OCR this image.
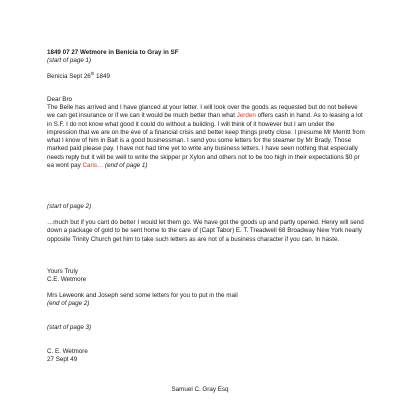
1849 07 27 Wetmore in Benicia to Gray in SF

(start of page 1)

Benicia Sept 26th 1849

Dear Bro

The Belle has arrived and I have glanced at your letter. I will look over the goods as requested but do not believe we can get insurance or if we can it would be much better than what Jerden offers cash in hand. As to leasing a lot in S.F. I do not know what good it could do without a building. I will think of it however but I am under the impression that we are on the eve of a financial crisis and better keep things pretty close. I presume Mr Merritt from what I know of him in Balt is a good businessman. I send you some letters for the steamer by Mr Brady. Those marked paid please pay. I have not had time yet to write any business letters. I have seen nothing that especially needs reply but it will be well to write the skipper pr Xylon and others not to be too high in their expectations $0 pr ea wont pay Caris… (end of page 1)

(start of page 2)

…much but if you cant do better I would let them go. We have got the goods up and partly opened. Henry will send down a package of gold to be sent home to the care of (Capt Tabor) E. T. Treadwell 68 Broadway New York nearly opposite Trinity Church get him to take such letters as are not of a business character if you can. In haste.

Yours Truly

C.E. Wetmore

Mrs Leweonk and Joseph send some letters for you to put in the mail

(end of page 2)

(start of page 3)

C. E. Wetmore

27 Sept 49

Samuel C. Gray Esq
